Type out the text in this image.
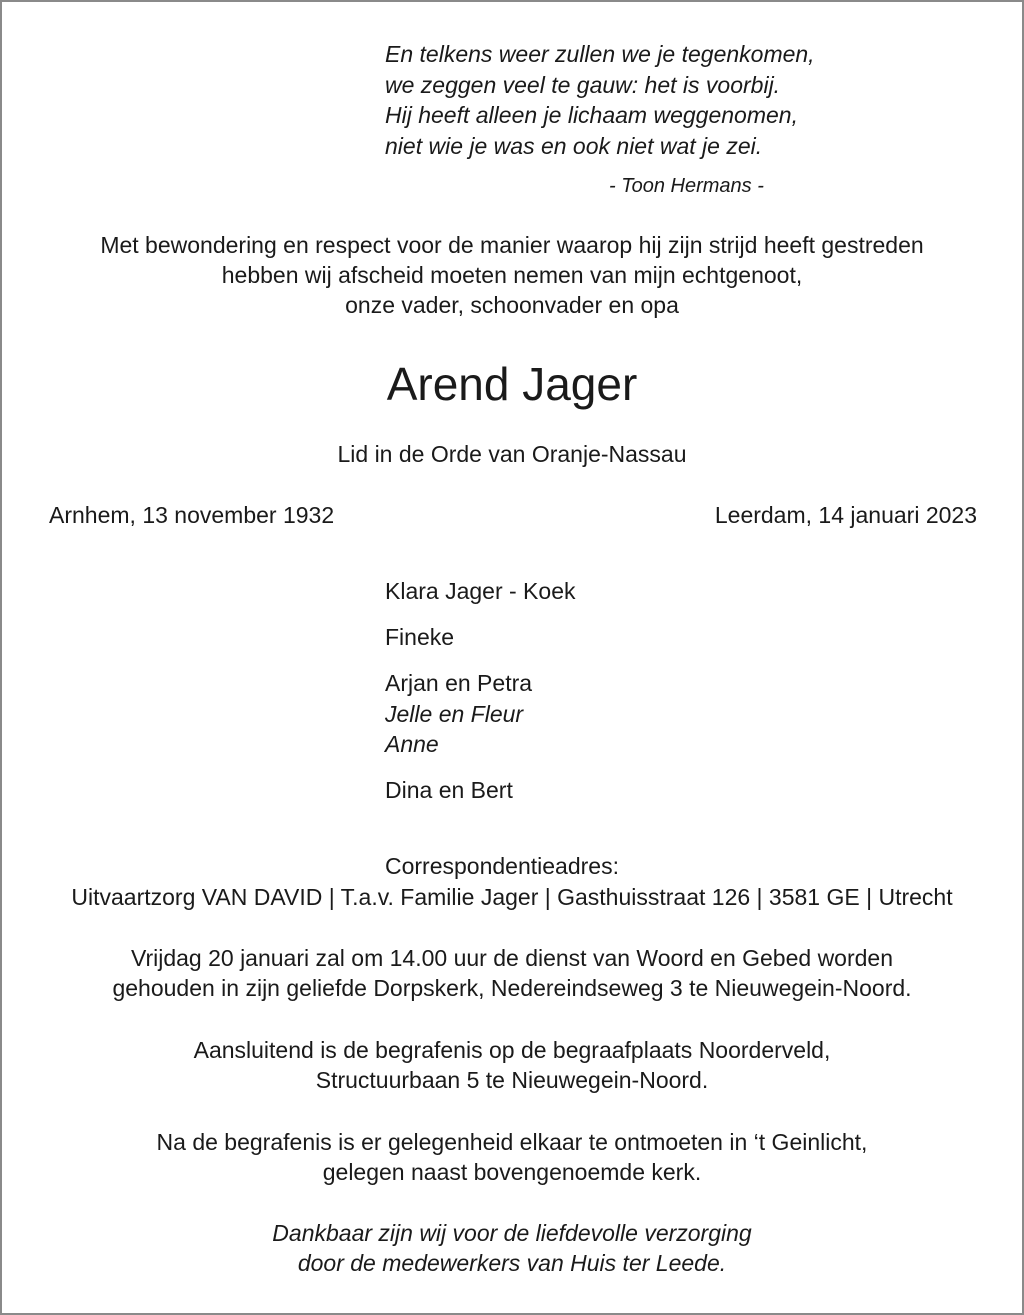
En telkens weer zullen we je tegenkomen,
we zeggen veel te gauw: het is voorbij.
Hij heeft alleen je lichaam weggenomen,
niet wie je was en ook niet wat je zei.
- Toon Hermans -
Met bewondering en respect voor de manier waarop hij zijn strijd heeft gestreden
hebben wij afscheid moeten nemen van mijn echtgenoot,
onze vader, schoonvader en opa
Arend Jager
Lid in de Orde van Oranje-Nassau
Arnhem, 13 november 1932	Leerdam, 14 januari 2023
Klara Jager - Koek
Fineke
Arjan en Petra
Jelle en Fleur
Anne
Dina en Bert
Correspondentieadres:
Uitvaartzorg VAN DAVID | T.a.v. Familie Jager | Gasthuisstraat 126 | 3581 GE | Utrecht
Vrijdag 20 januari zal om 14.00 uur de dienst van Woord en Gebed worden
gehouden in zijn geliefde Dorpskerk, Nedereindseweg 3 te Nieuwegein-Noord.
Aansluitend is de begrafenis op de begraafplaats Noorderveld,
Structuurbaan 5 te Nieuwegein-Noord.
Na de begrafenis is er gelegenheid elkaar te ontmoeten in ‘t Geinlicht,
gelegen naast bovengenoemde kerk.
Dankbaar zijn wij voor de liefdevolle verzorging
door de medewerkers van Huis ter Leede.
